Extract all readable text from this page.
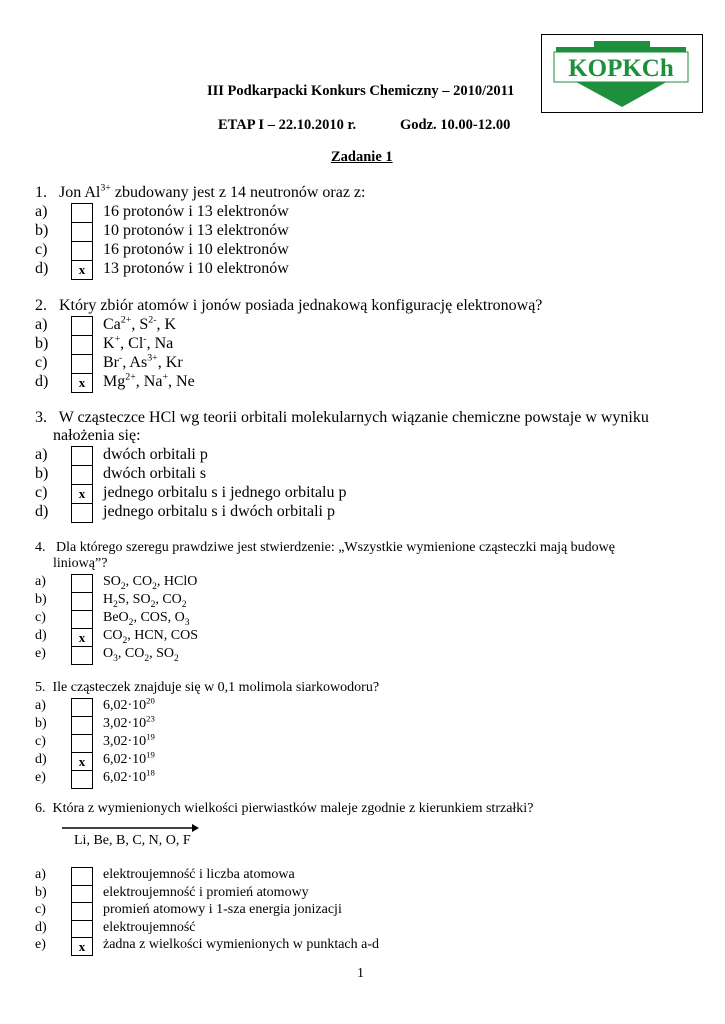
KOPKCh
III Podkarpacki Konkurs Chemiczny – 2010/2011
ETAP I – 22.10.2010 r.	Godz. 10.00-12.00
Zadanie 1
1. Jon $Al^{3+}$ zbudowany jest z 14 neutronów oraz z:
2. Który zbiór atomów i jonów posiada jednakową konfigurację elektronową?
3. W cząsteczce HCl wg teorii orbitali molekularnych wiązanie chemiczne powstaje w wyniku
nałożenia się:
4. Dla którego szeregu prawdziwe jest stwierdzenie: „Wszystkie wymienione cząsteczki mają budowę
liniową”?
5. Ile cząsteczek znajduje się w 0,1 molimola siarkowodoru?
6. Która z wymienionych wielkości pierwiastków maleje zgodnie z kierunkiem strzałki?
Li, Be, B, C, N, O, F
1
a)	16 protonów i 13 elektronów
b)	10 protonów i 13 elektronów
c)	16 protonów i 10 elektronów
d)	x	13 protonów i 10 elektronów
a)	$Ca^{2+}$, $S^{2-}$, K
b)	K+, Cl-, Na
c)	Br-, $As^{3+}$, Kr
d)	x	$Mg^{2+}$, Na+, Ne
a)	dwóch orbitali p
b)	dwóch orbitali s
c)	x	jednego orbitalu s i jednego orbitalu p
d)	jednego orbitalu s i dwóch orbitali p
a)	$SO_2$, $CO_2$, HClO
b)	$H_2S$, $SO_2$, $CO_2$
c)	BeO$_2$, COS, $O_3$
d)	x	$CO_2$, HCN, COS
e)	$O_3$, $CO_2$, $SO_2$
a)	$6,02\cdot 10^{20}$
b)	$3,02\cdot 10^{23}$
c)	$3,02\cdot 10^{19}$
d)	x	$6,02\cdot 10^{19}$
e)	$6,02\cdot 10^{18}$
a)	elektroujemność i liczba atomowa
b)	elektroujemność i promień atomowy
c)	promień atomowy i 1-sza energia jonizacji
d)	elektroujemność
e)	x	żadna z wielkości wymienionych w punktach a-d
